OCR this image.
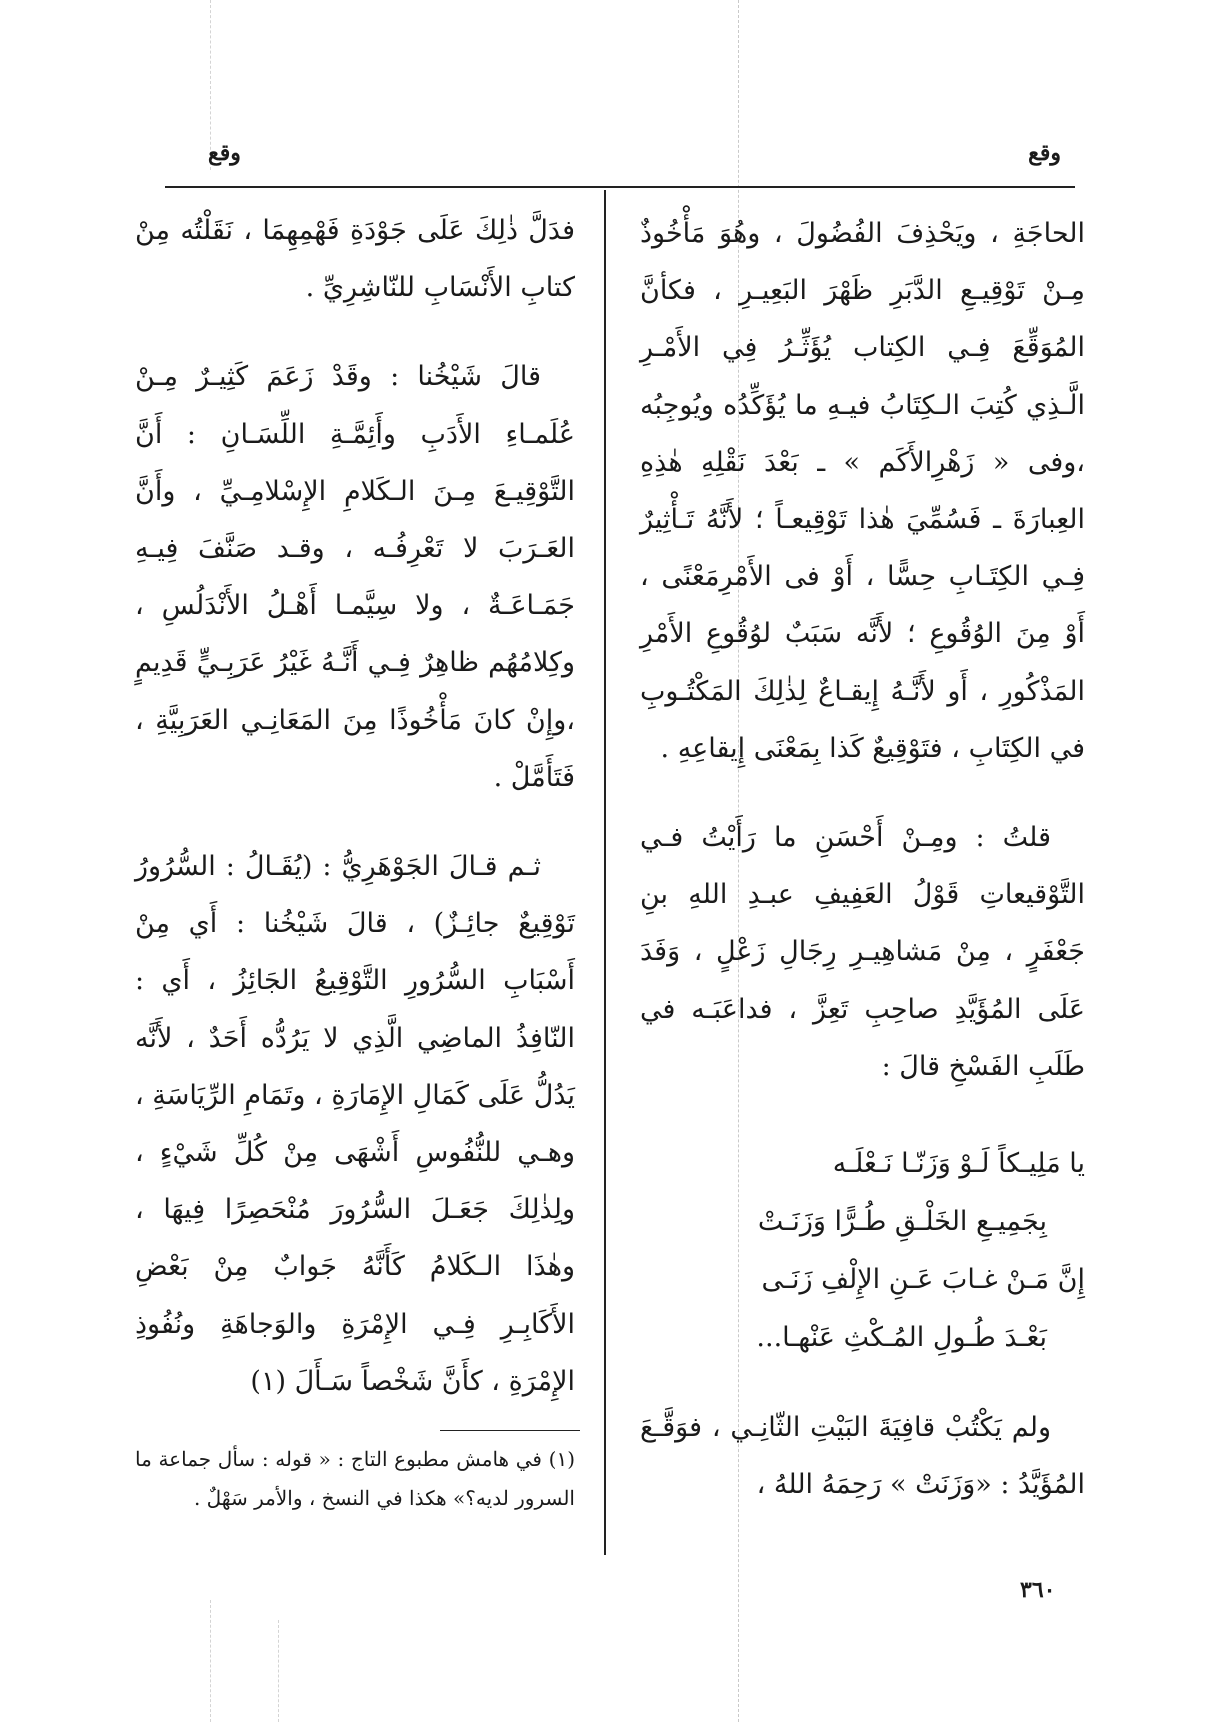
وقع
وقع

الحاجَةِ ، ويَحْذِفَ الفُضُولَ ، وهُوَ مَأْخُوذٌ مِـنْ تَوْقِيـعِ الدَّبَرِ ظَهْرَ البَعِيـرِ ، فكأنَّ المُوَقِّعَ فِـي الكِتاب يُؤَثِّـرُ فِي الأَمْـرِ الَّـذِي كُتِبَ الـكِتَابُ فيـهِ ما يُؤَكِّدُه ويُوجِبُه ،وفى « زَهْرِالأَكَم » ـ بَعْدَ نَقْلِهِ هٰذِهِ العِبارَةَ ـ فَسُمِّيَ هٰذا تَوْقِيعـاً ؛ لأَنَّهُ تَـأْثِيرٌ فِـي الكِتَـابِ حِسًّا ، أَوْ فى الأَمْرِمَعْنًى ، أَوْ مِنَ الوُقُوعِ ؛ لأَنَّه سَبَبٌ لوُقُوعِ الأَمْرِ المَذْكُورِ ، أَو لأَنَّـهُ إِيقـاعٌ لِذٰلِكَ المَكْتُـوبِ في الكِتَابِ ، فتَوْقِيعٌ كَذا بِمَعْنَى إِيقاعِهِ .

قلتُ : ومِـنْ أَحْسَنِ ما رَأَيْتُ فـي التَّوْقيعاتِ قَوْلُ العَفِيفِ عبـدِ اللهِ بنِ جَعْفَرٍ ، مِنْ مَشاهِيـرِ رِجَالِ زَعْلٍ ، وَفَدَ عَلَى المُؤَيَّدِ صاحِبِ تَعِزَّ ، فداعَبَـه في طَلَبِ الفَسْخِ قالَ :

يا مَلِيـكاً لَـوْ وَزَنّـا نَـعْلَـه

بِجَمِيـعِ الخَلْـقِ طُـرًّا وَزَنَـتْ

إِنَّ مَـنْ غـابَ عَـنِ الإِلْفِ زَنَـى

بَعْـدَ طُـولِ المُـكْثِ عَنْهـا...

ولم يَكْتُبْ قافِيَةَ البَيْتِ الثّانِـي ، فوَقَّـعَ المُؤَيَّدُ : «وَزَنَتْ » رَحِمَهُ اللهُ ،

فدَلَّ ذٰلِكَ عَلَى جَوْدَةِ فَهْمِهِمَا ، نَقَلْتُه مِنْ كتابِ الأَنْسَابِ للنّاشِرِيِّ .

قالَ شَيْخُنا : وقَدْ زَعَمَ كَثِيـرٌ مِـنْ عُلَمـاءِ الأَدَبِ وأَئِمَّـةِ اللِّسَـانِ : أَنَّ التَّوْقِيـعَ مِـنَ الـكَلامِ الإِسْلامِـيِّ ، وأَنَّ العَـرَبَ لا تَعْرِفُـه ، وقـد صَنَّفَ فِيـهِ جَمَـاعَـةٌ ، ولا سِيَّمـا أَهْـلُ الأَنْدَلُسِ ، وكِلامُهُم ظاهِرٌ فِـي أَنَّـهُ غَيْرُ عَرَبِـيٍّ قَدِيمٍ ،وإِنْ كانَ مَأْخُوذًا مِنَ المَعَانِـي العَرَبِيَّةِ ، فَتَأَمَّلْ .

ثـم قـالَ الجَوْهَرِيُّ : (يُقَـالُ : السُّرُورُ تَوْقِيعٌ جائِـزٌ) ، قالَ شَيْخُنا : أَي مِنْ أَسْبَابِ السُّرُورِ التَّوْقِيعُ الجَائِزُ ، أَي : النّافِذُ الماضِي الَّذِي لا يَرُدُّه أَحَدٌ ، لأَنَّه يَدُلُّ عَلَى كَمَالِ الإِمَارَةِ ، وتَمَامِ الرِّيَاسَةِ ، وهـي للنُّفُوسِ أَشْهَى مِنْ كُلِّ شَيْءٍ ، ولِذٰلِكَ جَعَـلَ السُّرُورَ مُنْحَصِرًا فِيهَا ، وهٰذَا الـكَلامُ كَأَنَّهُ جَوابٌ مِنْ بَعْضِ الأَكَابِـرِ فِـي الإِمْرَةِ والوَجاهَةِ ونُفُوذِ الإِمْرَةِ ، كأَنَّ شَخْصاً سَـأَلَ (١)

(١) في هامش مطبوع التاج : « قوله : سأل جماعة ما السرور لديه؟» هكذا في النسخ ، والأمر سَهْلٌ .

٣٦٠
